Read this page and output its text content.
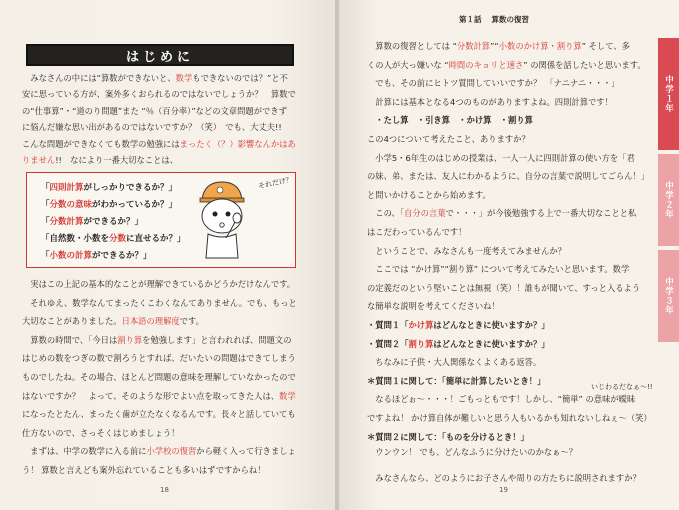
はじめに
　みなさんの中には“算数ができないと、数学もできないのでは？”と不
安に思っている方が、案外多くおられるのではないでしょうか？　算数で
の“仕事算”・“道のり問題”また “％（百分率）”などの文章問題ができず
に悩んだ嫌な思い出があるのではないですか？（笑）　でも、大丈夫!!
こんな問題ができなくても数学の勉強にはまったく（？）影響なんかはあ
りません!!　なにより一番大切なことは、
「四則計算がしっかりできるか？」
「分数の意味がわかっているか？」
「分数計算ができるか？」
「自然数・小数を分数に直せるか？」
「小数の計算ができるか？」
それだけ？
　実はこの上記の基本的なことが理解できているかどうかだけなんです。
　それゆえ、数学なんてまったくこわくなんてありません。でも、もっと
大切なことがありました。日本語の理解度です。
　算数の時間で、「今日は割り算を勉強します」と言われれば、問題文の
はじめの数をつぎの数で割ろうとすれば、だいたいの問題はできてしまう
ものでしたね。その場合、ほとんど問題の意味を理解していなかったので
はないですか？　よって、そのような形でよい点を取ってきた人は、数学
になったとたん、まったく歯が立たなくなるんです。長々と話していても
仕方ないので、さっそくはじめましょう！
　まずは、中学の数学に入る前に小学校の復習から軽く入って行きましょ
う！ 算数と言えども案外忘れていることも多いはずですからね！
18
第１話 算数の復習
　算数の復習としては “分数計算”“小数のかけ算・割り算” そして、多
くの人が大っ嫌いな “時間のキョリと速さ” の関係を話したいと思います。
　でも、その前にヒトツ質問していいですか？　「ナニナニ・・・」
　計算には基本となる4つのものがありますよね。四則計算です！
　・たし算　・引き算　・かけ算　・割り算
この4つについて考えたこと、ありますか？
　小学5・6年生のはじめの授業は、一人一人に四則計算の使い方を「君
の妹、弟、または、友人にわかるように、自分の言葉で説明してごらん！」
と問いかけることから始めます。
　この、「自分の言葉で・・・」が今後勉強する上で一番大切なことと私
はこだわっているんです！
　ということで、みなさんも一度考えてみませんか？
　ここでは “かけ算”“割り算” について考えてみたいと思います。数学
の定義だのという堅いことは無視（笑）！誰もが聞いて、すっと入るよう
な簡単な説明を考えてくださいね！
・質問１「かけ算はどんなときに使いますか？」
・質問２「割り算はどんなときに使いますか？」
　ちなみに子供・大人関係なくよくある返答。
＊質問１に関して：「簡単に計算したいとき！」
　なるほどぉ～・・・！ごもっともです！しかし、“簡単” の意味が曖昧
ですよね！ かけ算自体が難しいと思う人もいるかも知れないしねぇ～（笑）
＊質問２に関して：「ものを分けるとき！」
　ウンウン！ でも、どんなふうに分けたいのかなぁ～？
　みなさんなら、どのようにお子さんや周りの方たちに説明されますか？
いじわるだなぁ～!!
19
中学１年
中学２年
中学３年
